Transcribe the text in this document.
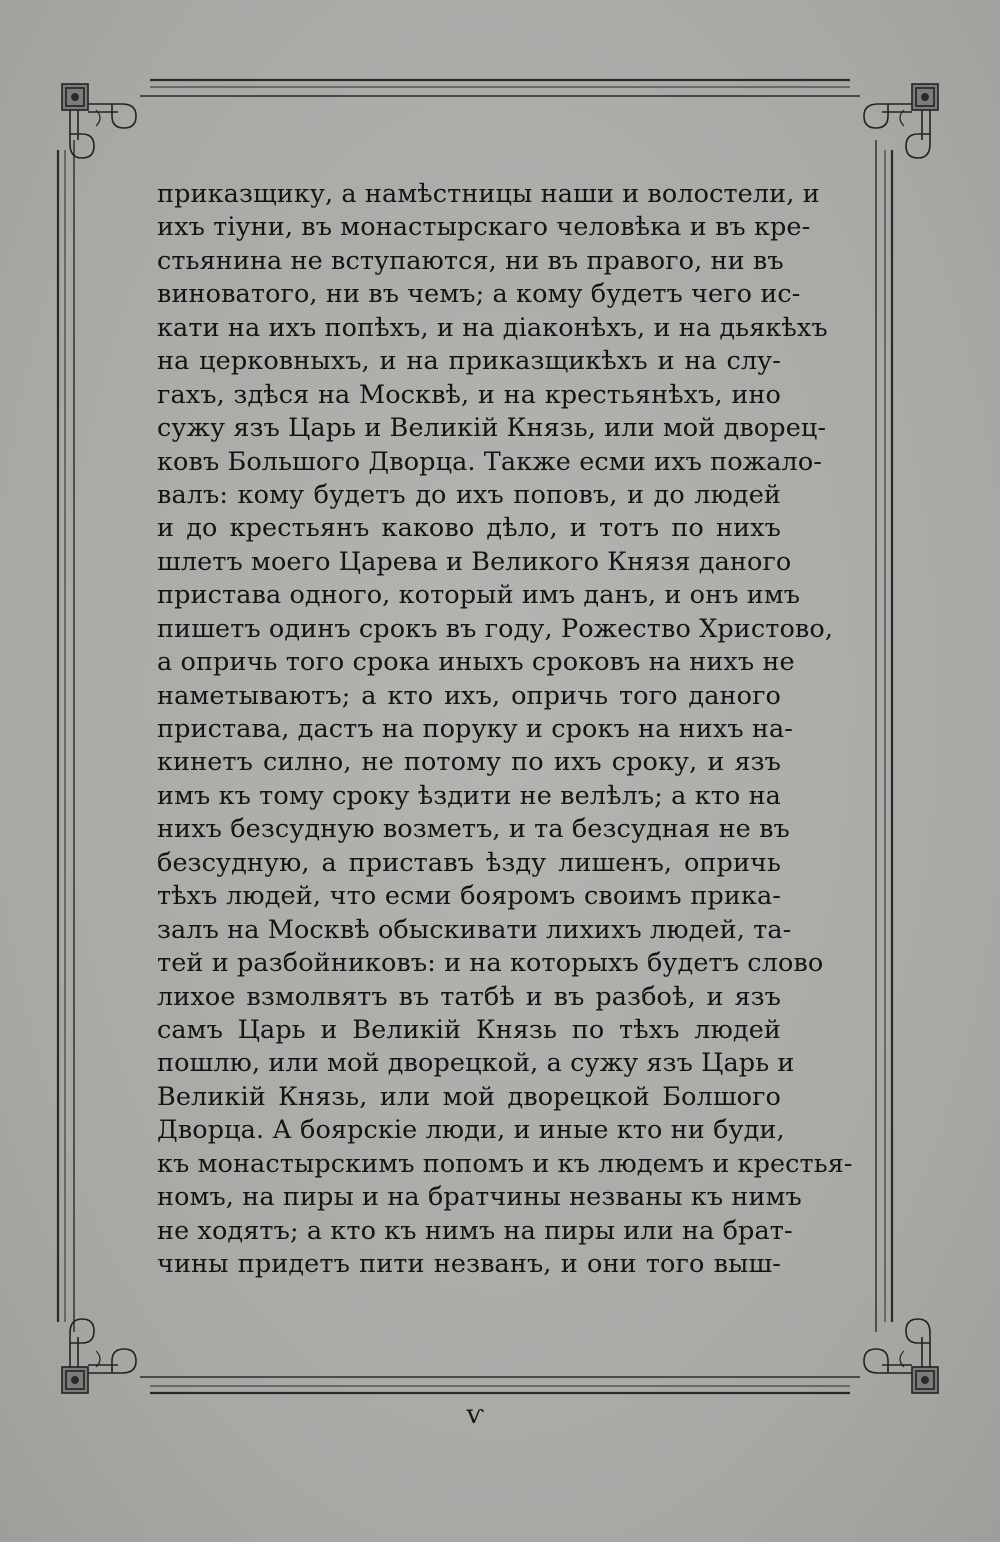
приказщику, а намѣстницы наши и волостели, и
ихъ тіуни, въ монастырскаго человѣка и въ кре-
стьянина не вступаются, ни въ правого, ни въ
виноватого, ни въ чемъ; а кому будетъ чего ис-
кати на ихъ попѣхъ, и на діаконѣхъ, и на дьякѣхъ
на церковныхъ, и на приказщикѣхъ и на слу-
гахъ, здѣся на Москвѣ, и на крестьянѣхъ, ино
сужу язъ Царь и Великій Князь, или мой дворец-
ковъ Большого Дворца. Также есми ихъ пожало-
валъ: кому будетъ до ихъ поповъ, и до людей
и до крестьянъ каково дѣло, и тотъ по нихъ
шлетъ моего Царева и Великого Князя даного
пристава одного, который имъ данъ, и онъ имъ
пишетъ одинъ срокъ въ году, Рожество Христово,
а опричь того срока иныхъ сроковъ на нихъ не
наметываютъ; а кто ихъ, опричь того даного
пристава, дастъ на поруку и срокъ на нихъ на-
кинетъ силно, не потому по ихъ сроку, и язъ
имъ къ тому сроку ѣздити не велѣлъ; а кто на
нихъ безсудную возметъ, и та безсудная не въ
безсудную, а приставъ ѣзду лишенъ, опричь
тѣхъ людей, что есми бояромъ своимъ прика-
залъ на Москвѣ обыскивати лихихъ людей, та-
тей и разбойниковъ: и на которыхъ будетъ слово
лихое взмолвятъ въ татбѣ и въ разбоѣ, и язъ
самъ Царь и Великій Князь по тѣхъ людей
пошлю, или мой дворецкой, а сужу язъ Царь и
Великій Князь, или мой дворецкой Болшого
Дворца. А боярскіе люди, и иные кто ни буди,
къ монастырскимъ попомъ и къ людемъ и крестья-
номъ, на пиры и на братчины незваны къ нимъ
не ходятъ; а кто къ нимъ на пиры или на брат-
чины придетъ пити незванъ, и они того выш-
ѵ
